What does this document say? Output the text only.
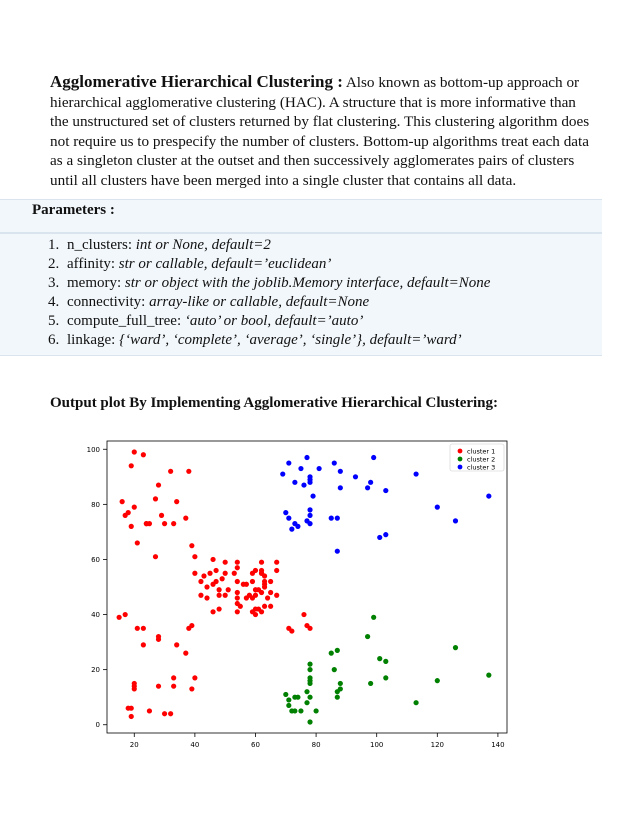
Agglomerative Hierarchical Clustering : Also known as bottom-up approach or hierarchical agglomerative clustering (HAC). A structure that is more informative than the unstructured set of clusters returned by flat clustering. This clustering algorithm does not require us to prespecify the number of clusters. Bottom-up algorithms treat each data as a singleton cluster at the outset and then successively agglomerates pairs of clusters until all clusters have been merged into a single cluster that contains all data.

Parameters :
1. n_clusters: int or None, default=2
2. affinity: str or callable, default=’euclidean’
3. memory: str or object with the joblib.Memory interface, default=None
4. connectivity: array-like or callable, default=None
5. compute_full_tree: ‘auto’ or bool, default=’auto’
6. linkage: {‘ward’, ‘complete’, ‘average’, ‘single’}, default=’ward’
Output plot By Implementing Agglomerative Hierarchical Clustering:
20	40	60	80	100	120	140
0
20
40
60
80
100	cluster 1
cluster 2
cluster 3
